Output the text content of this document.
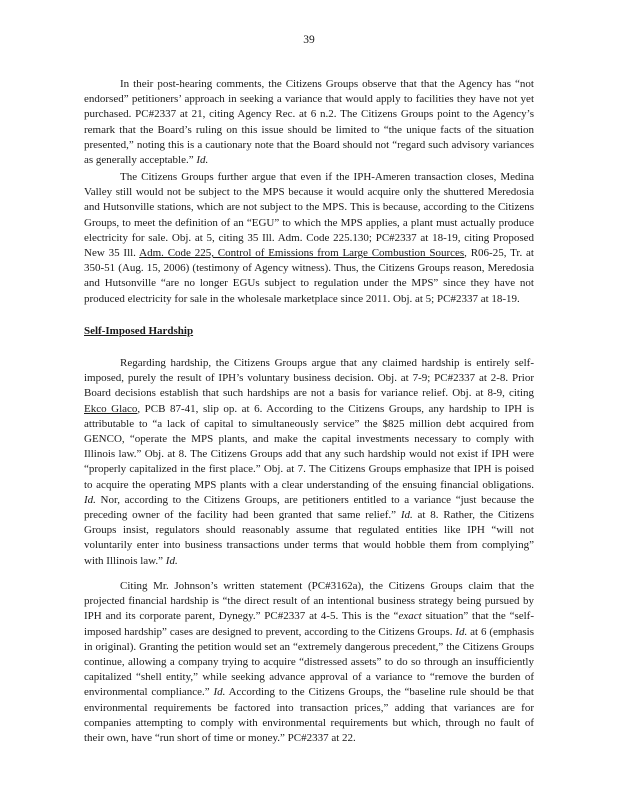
39

In their post-hearing comments, the Citizens Groups observe that that the Agency has “not endorsed” petitioners’ approach in seeking a variance that would apply to facilities they have not yet purchased. PC#2337 at 21, citing Agency Rec. at 6 n.2. The Citizens Groups point to the Agency’s remark that the Board’s ruling on this issue should be limited to “the unique facts of the situation presented,” noting this is a cautionary note that the Board should not “regard such advisory variances as generally acceptable.” Id.

The Citizens Groups further argue that even if the IPH-Ameren transaction closes, Medina Valley still would not be subject to the MPS because it would acquire only the shuttered Meredosia and Hutsonville stations, which are not subject to the MPS. This is because, according to the Citizens Groups, to meet the definition of an “EGU” to which the MPS applies, a plant must actually produce electricity for sale. Obj. at 5, citing 35 Ill. Adm. Code 225.130; PC#2337 at 18-19, citing Proposed New 35 Ill. Adm. Code 225, Control of Emissions from Large Combustion Sources, R06-25, Tr. at 350-51 (Aug. 15, 2006) (testimony of Agency witness). Thus, the Citizens Groups reason, Meredosia and Hutsonville “are no longer EGUs subject to regulation under the MPS” since they have not produced electricity for sale in the wholesale marketplace since 2011. Obj. at 5; PC#2337 at 18-19.

Self-Imposed Hardship

Regarding hardship, the Citizens Groups argue that any claimed hardship is entirely self-imposed, purely the result of IPH’s voluntary business decision. Obj. at 7-9; PC#2337 at 2-8. Prior Board decisions establish that such hardships are not a basis for variance relief. Obj. at 8-9, citing Ekco Glaco, PCB 87-41, slip op. at 6. According to the Citizens Groups, any hardship to IPH is attributable to “a lack of capital to simultaneously service” the $825 million debt acquired from GENCO, “operate the MPS plants, and make the capital investments necessary to comply with Illinois law.” Obj. at 8. The Citizens Groups add that any such hardship would not exist if IPH were “properly capitalized in the first place.” Obj. at 7. The Citizens Groups emphasize that IPH is poised to acquire the operating MPS plants with a clear understanding of the ensuing financial obligations. Id. Nor, according to the Citizens Groups, are petitioners entitled to a variance “just because the preceding owner of the facility had been granted that same relief.” Id. at 8. Rather, the Citizens Groups insist, regulators should reasonably assume that regulated entities like IPH “will not voluntarily enter into business transactions under terms that would hobble them from complying” with Illinois law.” Id.

Citing Mr. Johnson’s written statement (PC#3162a), the Citizens Groups claim that the projected financial hardship is “the direct result of an intentional business strategy being pursued by IPH and its corporate parent, Dynegy.” PC#2337 at 4-5. This is the “exact situation” that the “self-imposed hardship” cases are designed to prevent, according to the Citizens Groups. Id. at 6 (emphasis in original). Granting the petition would set an “extremely dangerous precedent,” the Citizens Groups continue, allowing a company trying to acquire “distressed assets” to do so through an insufficiently capitalized “shell entity,” while seeking advance approval of a variance to “remove the burden of environmental compliance.” Id. According to the Citizens Groups, the “baseline rule should be that environmental requirements be factored into transaction prices,” adding that variances are for companies attempting to comply with environmental requirements but which, through no fault of their own, have “run short of time or money.” PC#2337 at 22.
